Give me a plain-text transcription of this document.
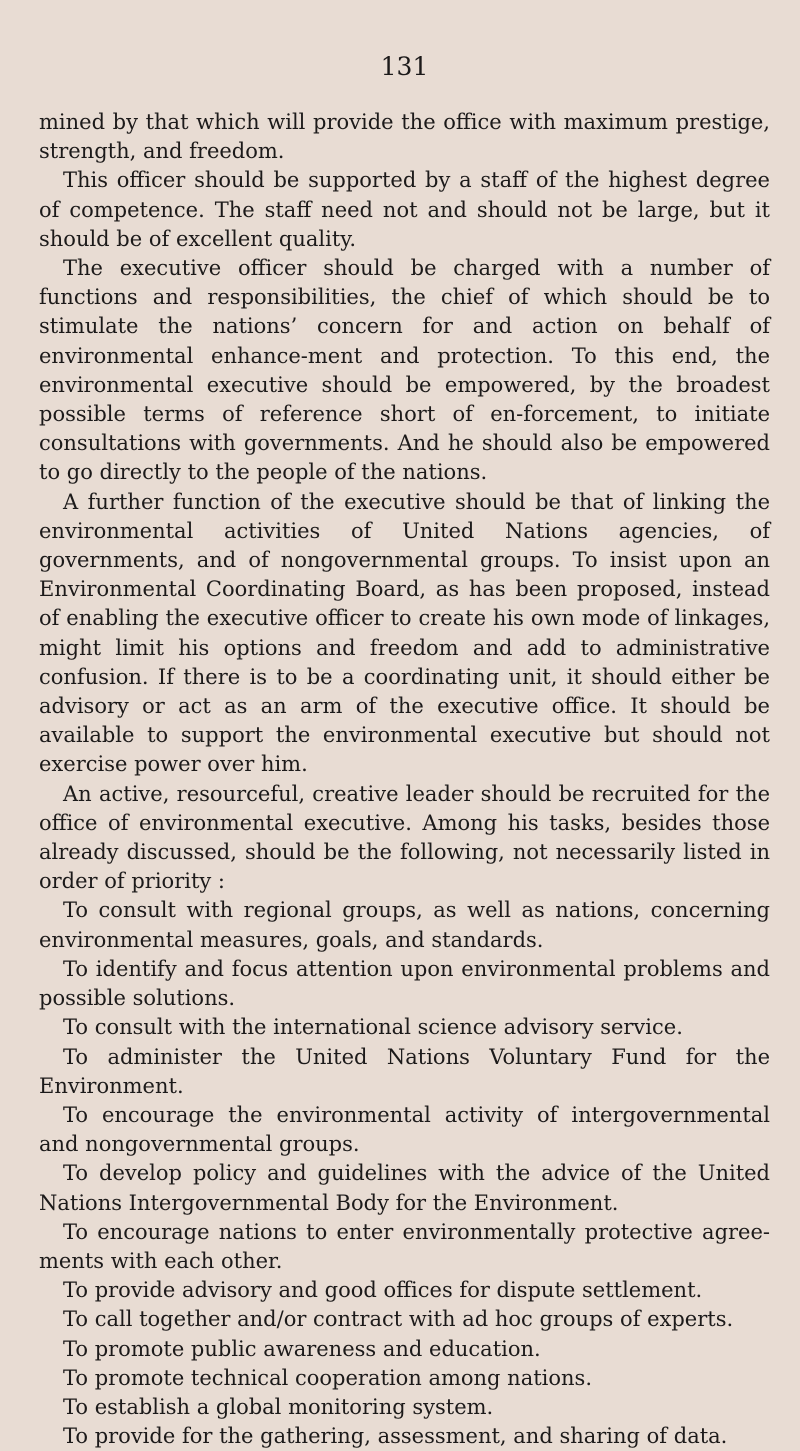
131

mined by that which will provide the office with maximum prestige, strength, and freedom.

This officer should be supported by a staff of the highest degree of competence. The staff need not and should not be large, but it should be of excellent quality.

The executive officer should be charged with a number of functions and responsibilities, the chief of which should be to stimulate the nations’ concern for and action on behalf of environmental enhance-ment and protection. To this end, the environmental executive should be empowered, by the broadest possible terms of reference short of en-forcement, to initiate consultations with governments. And he should also be empowered to go directly to the people of the nations.

A further function of the executive should be that of linking the environmental activities of United Nations agencies, of governments, and of nongovernmental groups. To insist upon an Environmental Coordinating Board, as has been proposed, instead of enabling the executive officer to create his own mode of linkages, might limit his options and freedom and add to administrative confusion. If there is to be a coordinating unit, it should either be advisory or act as an arm of the executive office. It should be available to support the environmental executive but should not exercise power over him.

An active, resourceful, creative leader should be recruited for the office of environmental executive. Among his tasks, besides those already discussed, should be the following, not necessarily listed in order of priority :

To consult with regional groups, as well as nations, concerning environmental measures, goals, and standards.

To identify and focus attention upon environmental problems and possible solutions.

To consult with the international science advisory service.

To administer the United Nations Voluntary Fund for the Environment.

To encourage the environmental activity of intergovernmental and nongovernmental groups.

To develop policy and guidelines with the advice of the United Nations Intergovernmental Body for the Environment.

To encourage nations to enter environmentally protective agree-ments with each other.

To provide advisory and good offices for dispute settlement.

To call together and/or contract with ad hoc groups of experts.

To promote public awareness and education.

To promote technical cooperation among nations.

To establish a global monitoring system.

To provide for the gathering, assessment, and sharing of data.
